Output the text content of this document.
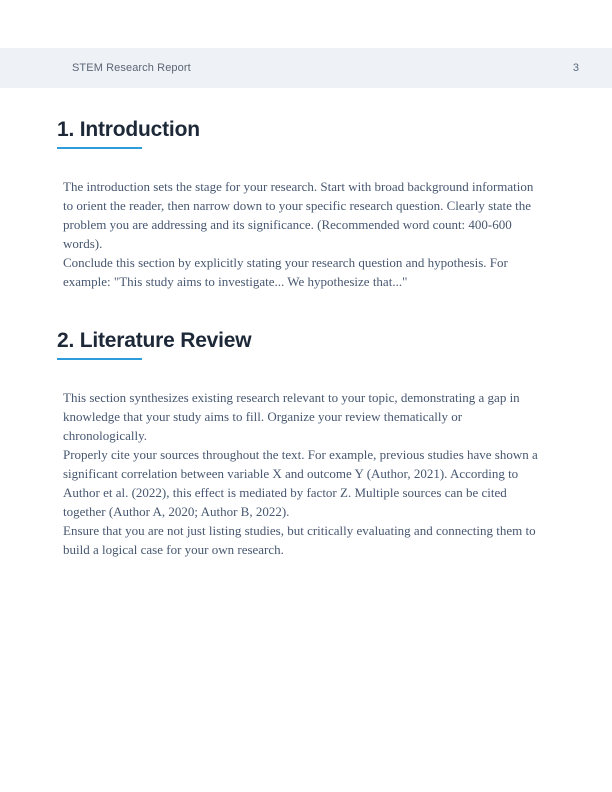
STEM Research Report	3
1. Introduction

The introduction sets the stage for your research. Start with broad background information to orient the reader, then narrow down to your specific research question. Clearly state the problem you are addressing and its significance. (Recommended word count: 400-600 words).

Conclude this section by explicitly stating your research question and hypothesis. For example: "This study aims to investigate... We hypothesize that..."

2. Literature Review

This section synthesizes existing research relevant to your topic, demonstrating a gap in knowledge that your study aims to fill. Organize your review thematically or chronologically.

Properly cite your sources throughout the text. For example, previous studies have shown a significant correlation between variable X and outcome Y (Author, 2021). According to Author et al. (2022), this effect is mediated by factor Z. Multiple sources can be cited together (Author A, 2020; Author B, 2022).

Ensure that you are not just listing studies, but critically evaluating and connecting them to build a logical case for your own research.
